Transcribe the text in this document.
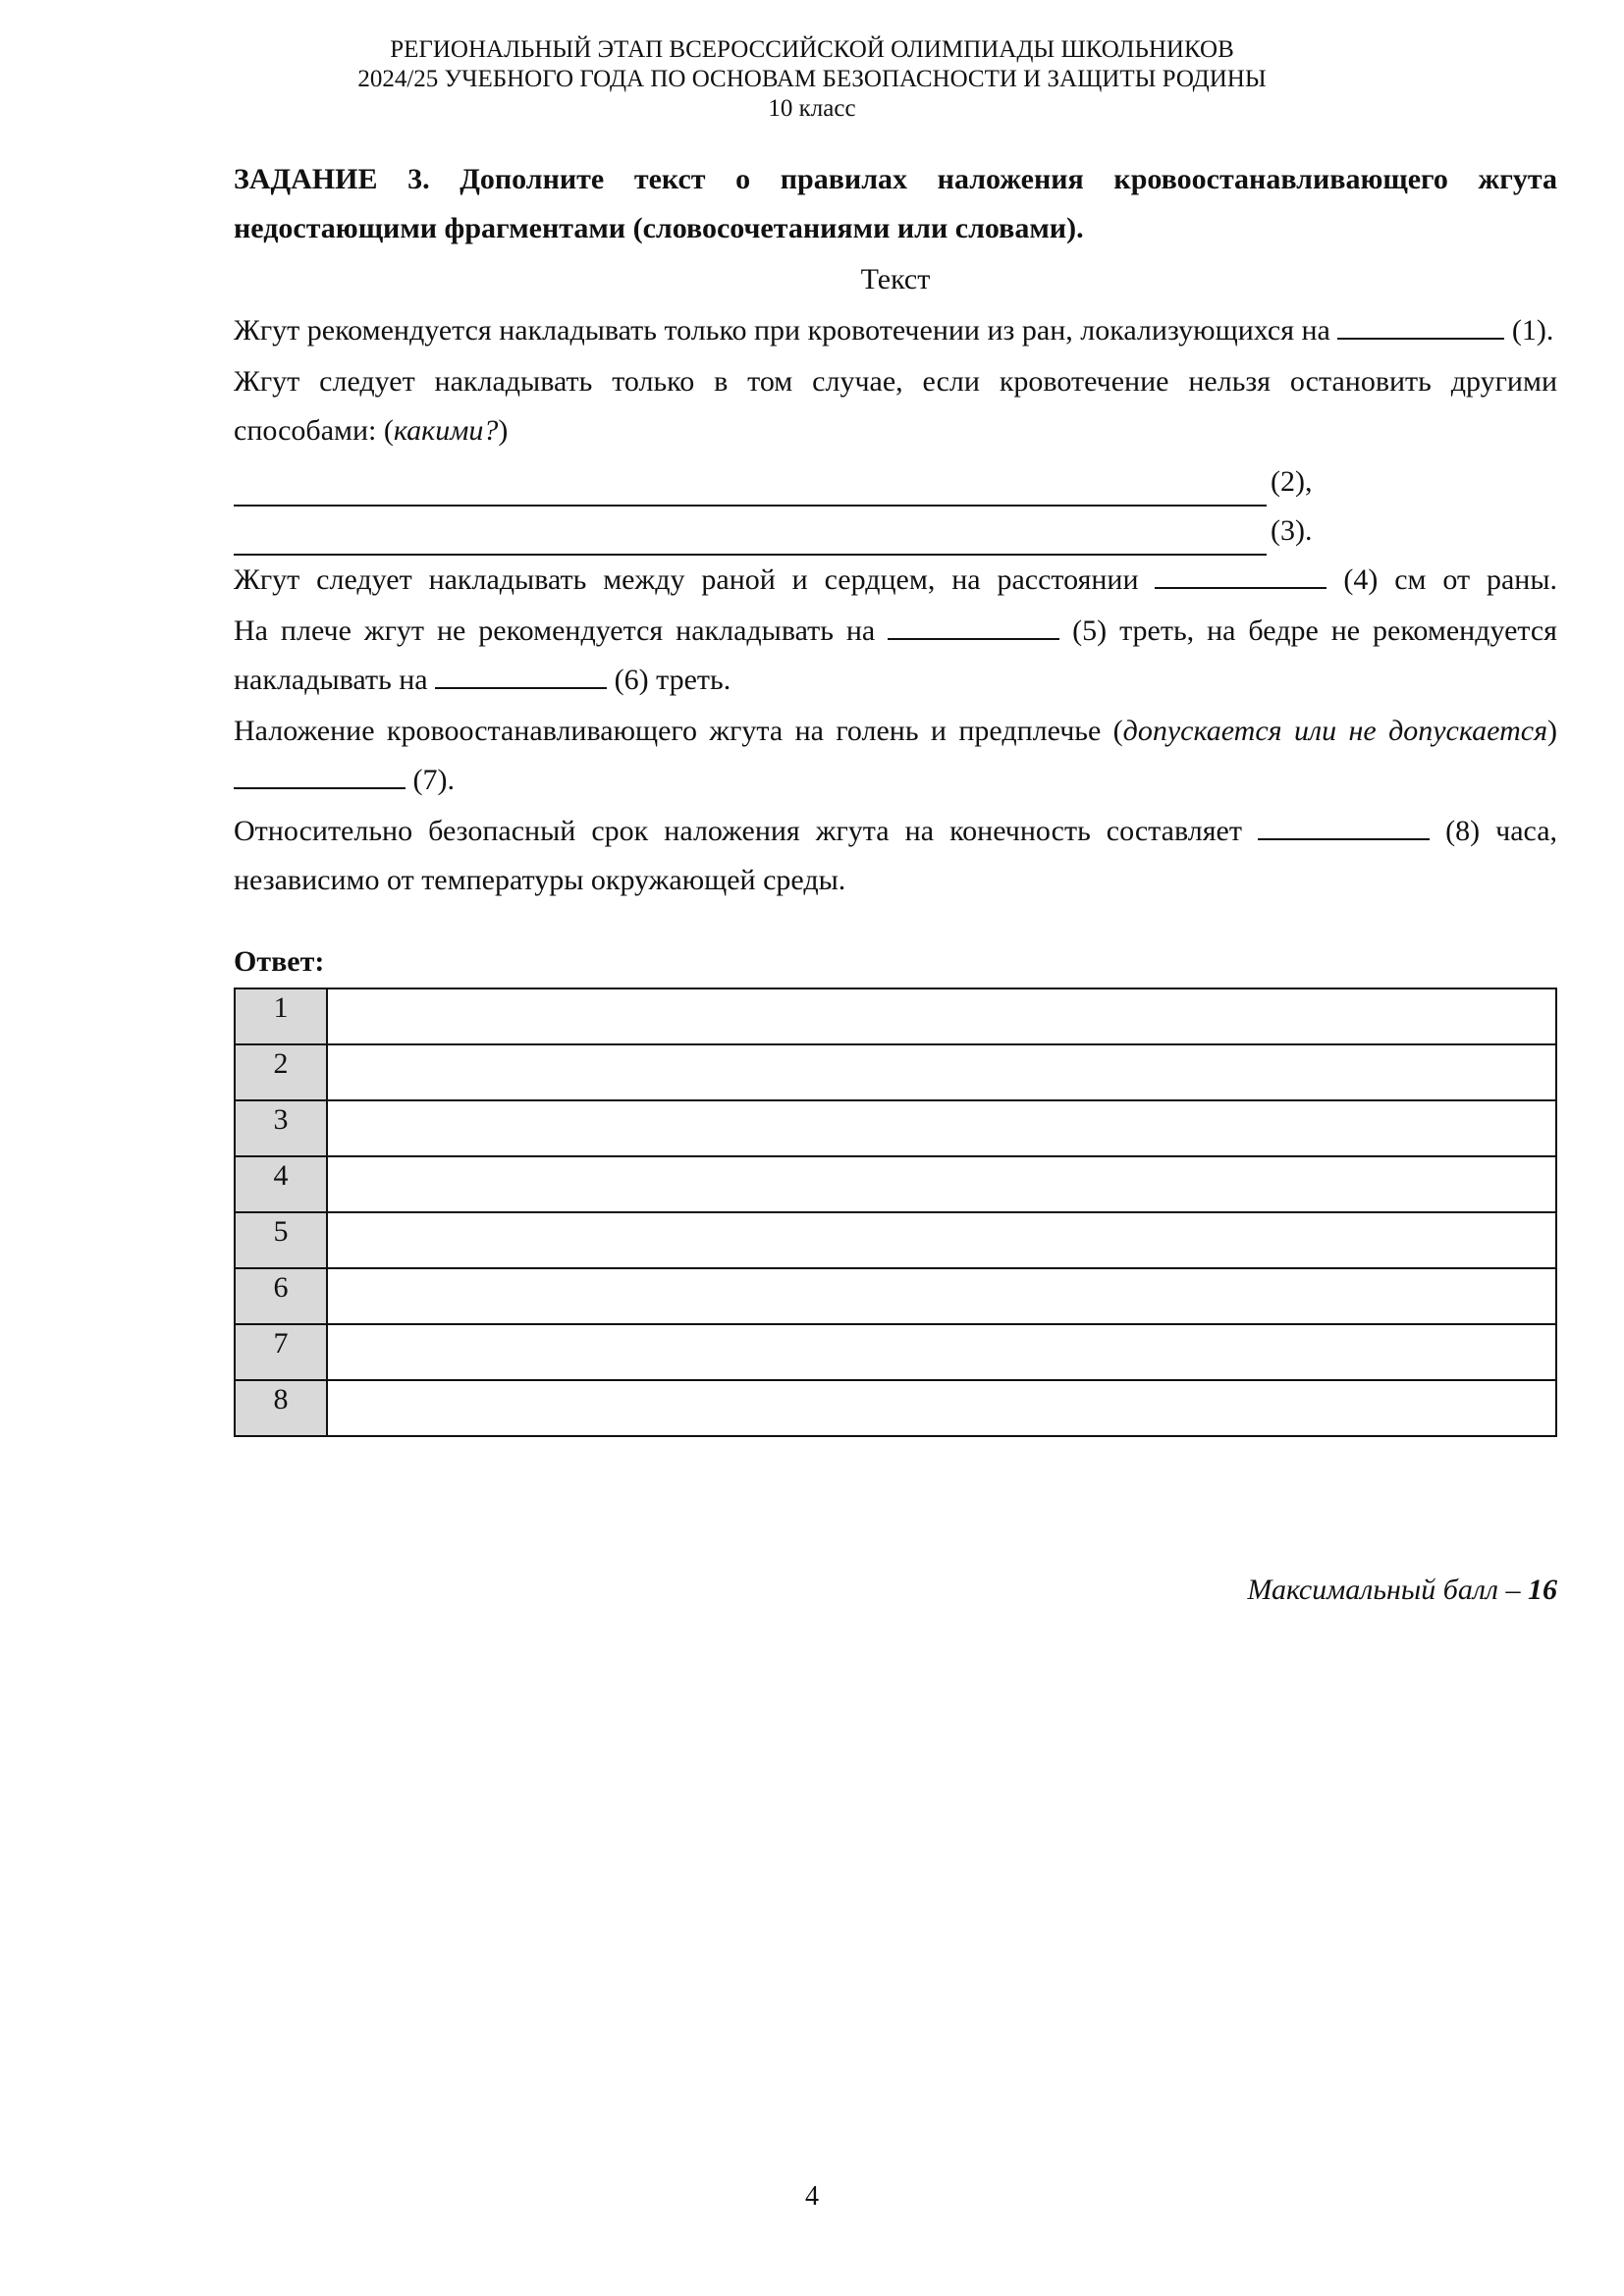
РЕГИОНАЛЬНЫЙ ЭТАП ВСЕРОССИЙСКОЙ ОЛИМПИАДЫ ШКОЛЬНИКОВ
2024/25 УЧЕБНОГО ГОДА ПО ОСНОВАМ БЕЗОПАСНОСТИ И ЗАЩИТЫ РОДИНЫ
10 класс

ЗАДАНИЕ 3. Дополните текст о правилах наложения кровоостанавливающего жгута недостающими фрагментами (словосочетаниями или словами).

Текст

Жгут рекомендуется накладывать только при кровотечении из ран, локализующихся на	(1).

Жгут следует накладывать только в том случае, если кровотечение нельзя остановить другими способами: (какими?)

(2),
(3).

Жгут следует накладывать между раной и сердцем, на расстоянии	(4) см от раны.

На плече жгут не рекомендуется накладывать на	(5) треть, на бедре не рекомендуется накладывать на	(6) треть.

Наложение кровоостанавливающего жгута на голень и предплечье (допускается или не допускается)  (7).

Относительно безопасный срок наложения жгута на конечность составляет	(8) часа, независимо от температуры окружающей среды.

Ответ:
1	
2	
3	
4	
5	
6	
7	
8	
Максимальный балл – 16
4
